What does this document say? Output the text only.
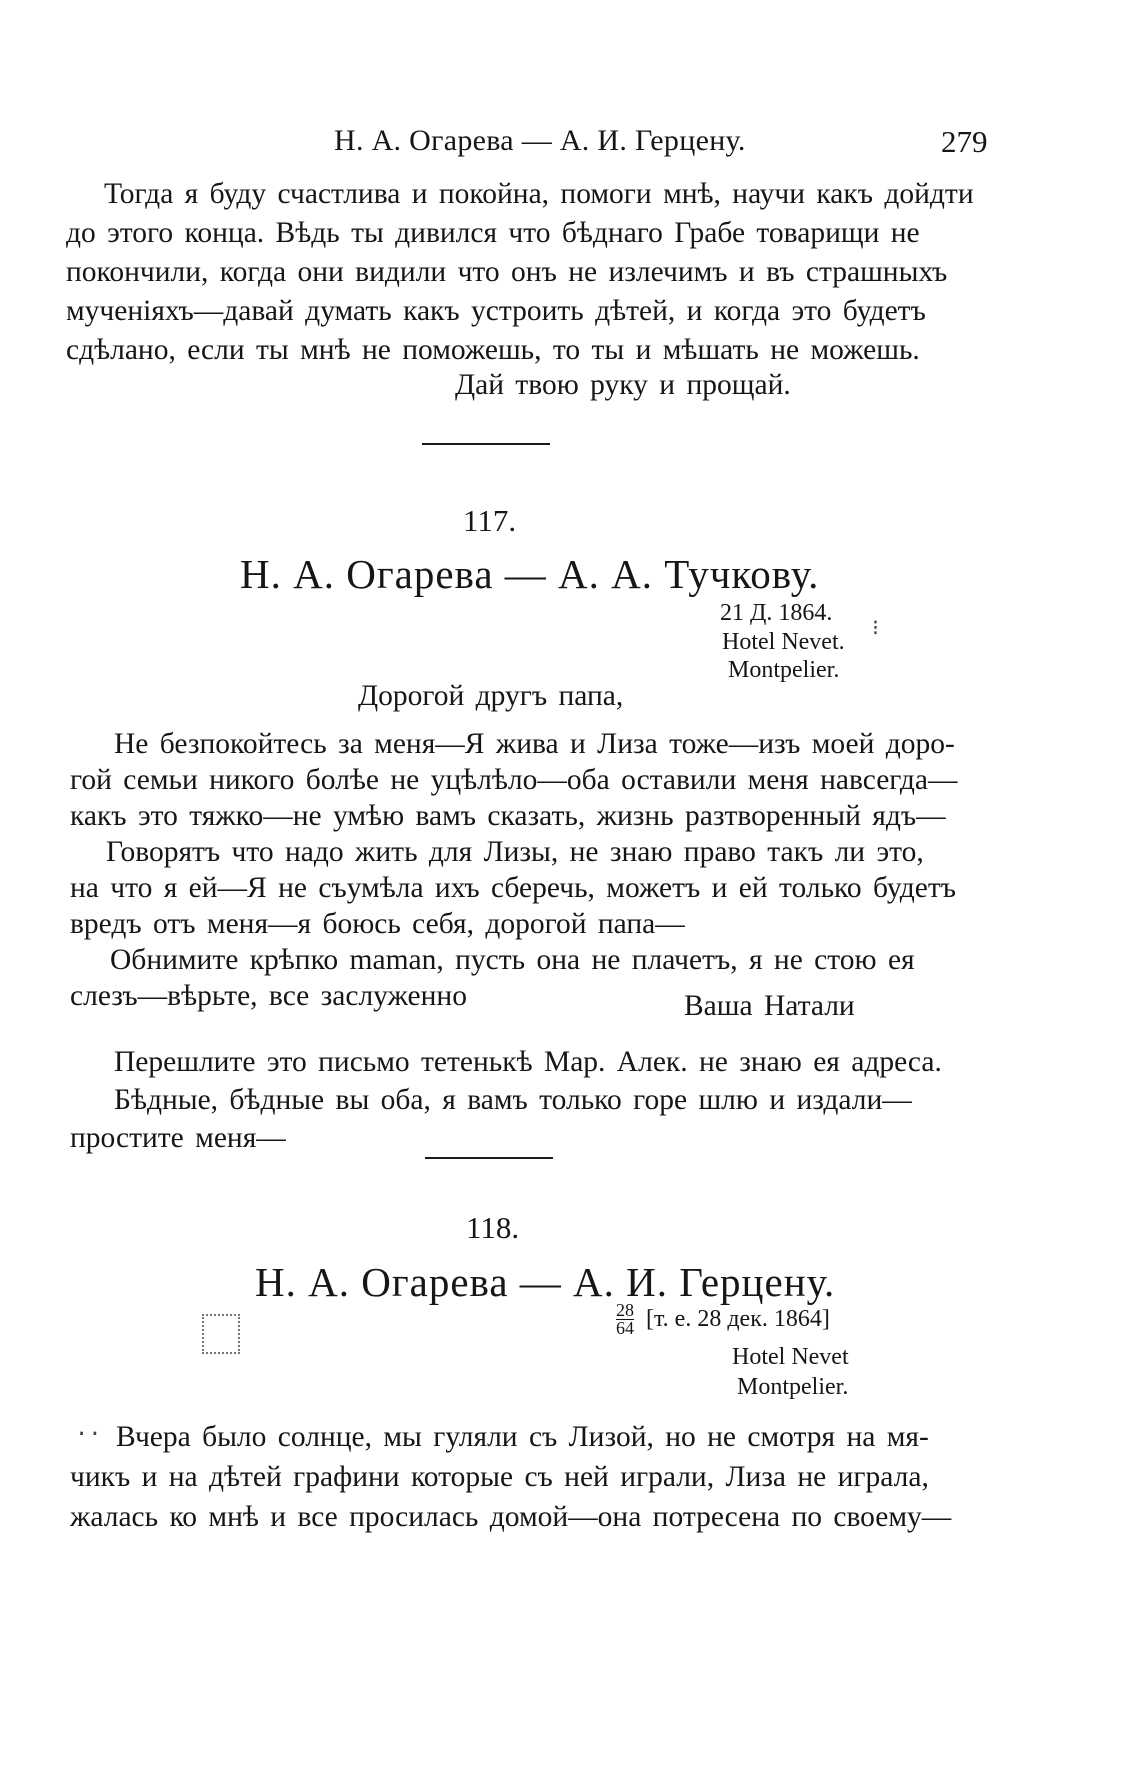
Н. А. Огарева — А. И. Герцену.	279
Тогда я буду счастлива и покойна, помоги мнѣ, научи какъ дойдти
до этого конца. Вѣдь ты дивился что бѣднаго Грабе товарищи не
покончили, когда они видили что онъ не излечимъ и въ страшныхъ
мученіяхъ—давай думать какъ устроить дѣтей, и когда это будетъ
сдѣлано, если ты мнѣ не поможешь, то ты и мѣшать не можешь.
Дай твою руку и прощай.
117.
Н. А. Огарева — А. А. Тучкову.
21 Д. 1864.
Hotel Nevet.
Montpelier.
⁝
Дорогой другъ папа,
Не безпокойтесь за меня—Я жива и Лиза тоже—изъ моей доро-
гой семьи никого болѣе не уцѣлѣло—оба оставили меня навсегда—
какъ это тяжко—не умѣю вамъ сказать, жизнь разтворенный ядъ—
Говорятъ что надо жить для Лизы, не знаю право такъ ли это,
на что я ей—Я не съумѣла ихъ сберечь, можетъ и ей только будетъ
вредъ отъ меня—я боюсь себя, дорогой папа—
Обнимите крѣпко maman, пусть она не плачетъ, я не стою ея
слезъ—вѣрьте, все заслуженно	Ваша Натали
Перешлите это письмо тетенькѣ Мар. Алек. не знаю ея адреса.
Бѣдные, бѣдные вы оба, я вамъ только горе шлю и издали—
простите меня—
118.
Н. А. Огарева — А. И. Герцену.
$\frac{28}{64} [т$. е. 28 дек. 1864]
Hotel Nevet
Montpelier.
·· Вчера было солнце, мы гуляли съ Лизой, но не смотря на мя-
чикъ и на дѣтей графини которые съ ней играли, Лиза не играла,
жалась ко мнѣ и все просилась домой—она потресена по своему—
